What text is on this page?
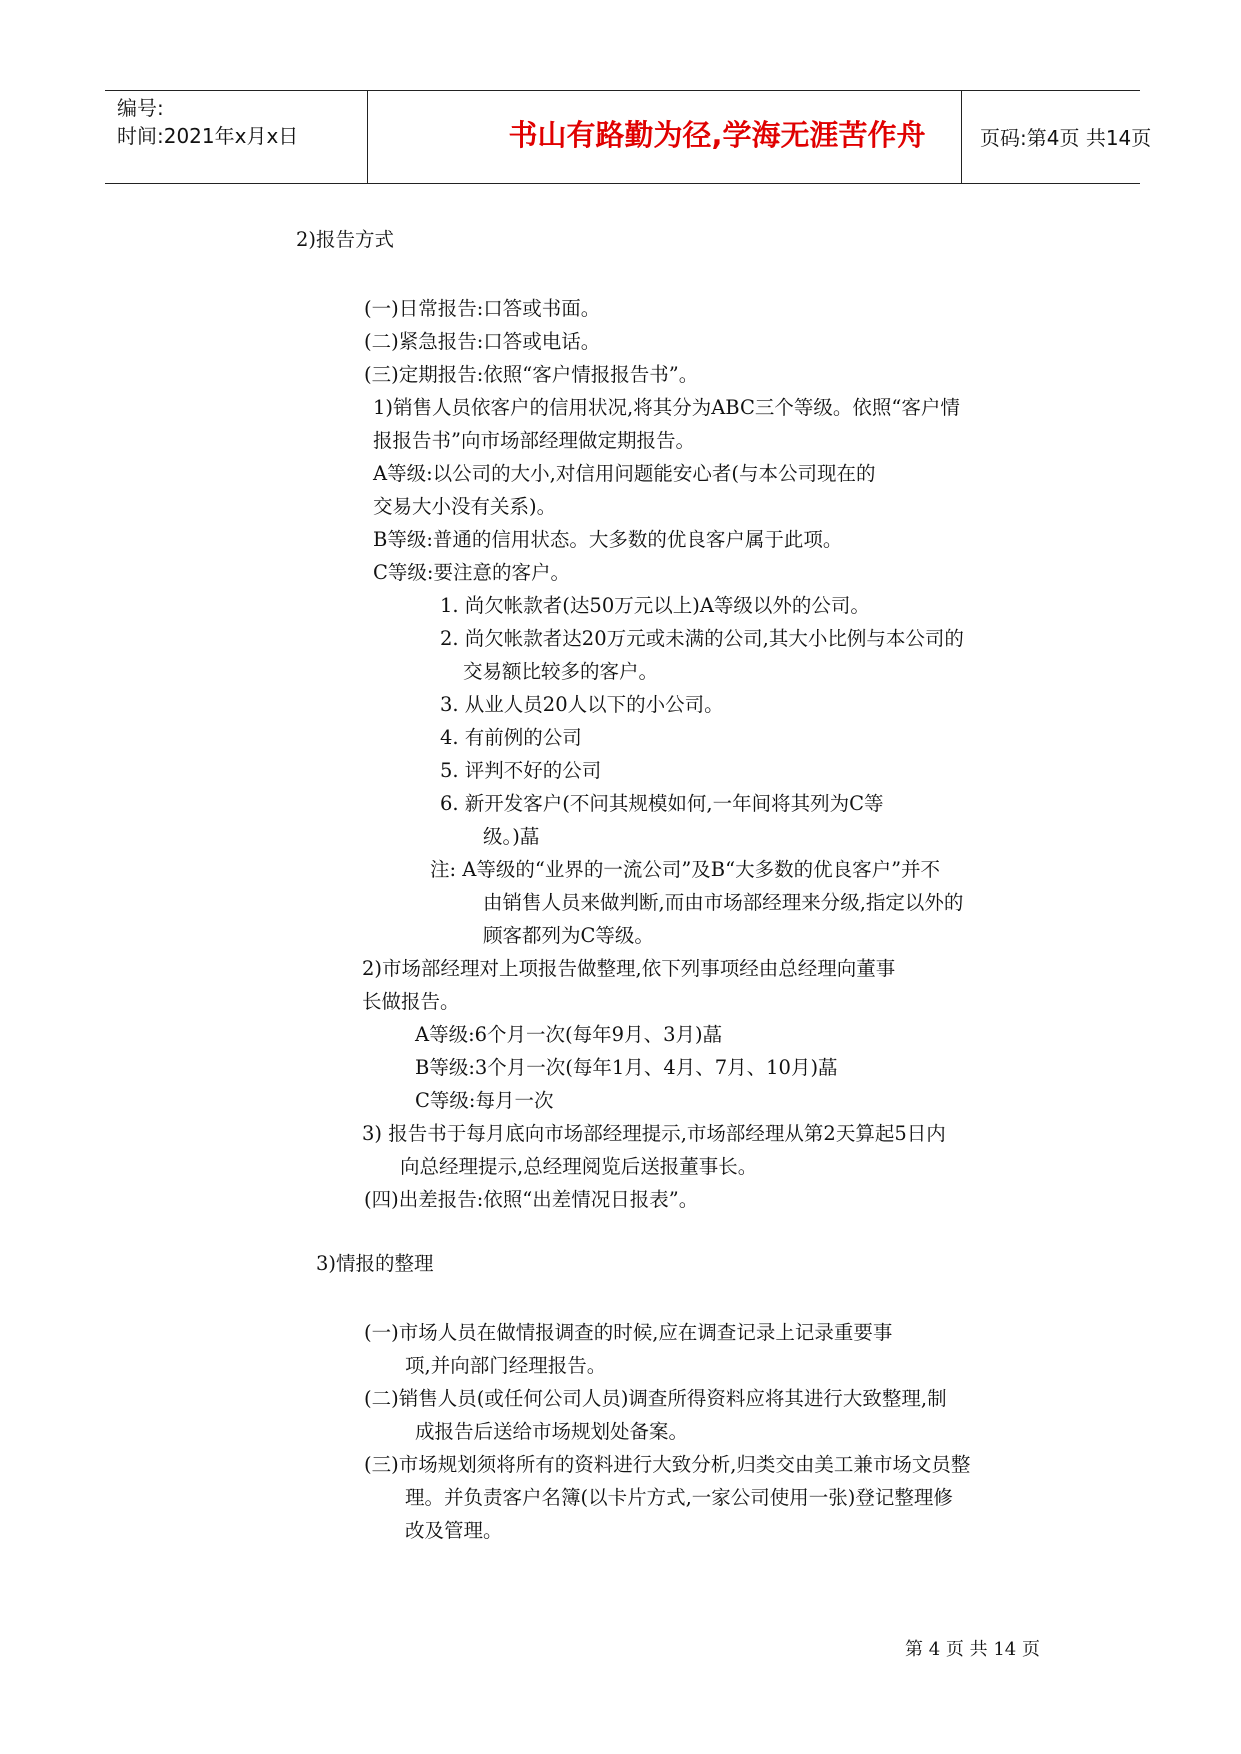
编号:
时间:2021年x月x日	书山有路勤为径,学海无涯苦作舟	页码:第4页 共14页
2)报告方式
(一)日常报告:口答或书面。
(二)紧急报告:口答或电话。
(三)定期报告:依照“客户情报报告书”。
1)销售人员依客户的信用状况,将其分为ABC三个等级。依照“客户情
报报告书”向市场部经理做定期报告。
A等级:以公司的大小,对信用问题能安心者(与本公司现在的
交易大小没有关系)。
B等级:普通的信用状态。大多数的优良客户属于此项。
C等级:要注意的客户。
1. 尚欠帐款者(达50万元以上)A等级以外的公司。
2. 尚欠帐款者达20万元或未满的公司,其大小比例与本公司的
交易额比较多的客户。
3. 从业人员20人以下的小公司。
4. 有前例的公司
5. 评判不好的公司
6. 新开发客户(不问其规模如何,一年间将其列为C等
级。)蕌
注: A等级的“业界的一流公司”及B“大多数的优良客户”并不
由销售人员来做判断,而由市场部经理来分级,指定以外的
顾客都列为C等级。
2)市场部经理对上项报告做整理,依下列事项经由总经理向董事
长做报告。
A等级:6个月一次(每年9月、3月)蕌
B等级:3个月一次(每年1月、4月、7月、10月)蕌
C等级:每月一次
3) 报告书于每月底向市场部经理提示,市场部经理从第2天算起5日内
向总经理提示,总经理阅览后送报董事长。
(四)出差报告:依照“出差情况日报表”。
3)情报的整理
(一)市场人员在做情报调查的时候,应在调查记录上记录重要事
项,并向部门经理报告。
(二)销售人员(或任何公司人员)调查所得资料应将其进行大致整理,制
成报告后送给市场规划处备案。
(三)市场规划须将所有的资料进行大致分析,归类交由美工兼市场文员整
理。并负责客户名簿(以卡片方式,一家公司使用一张)登记整理修
改及管理。
第 4 页 共 14 页
